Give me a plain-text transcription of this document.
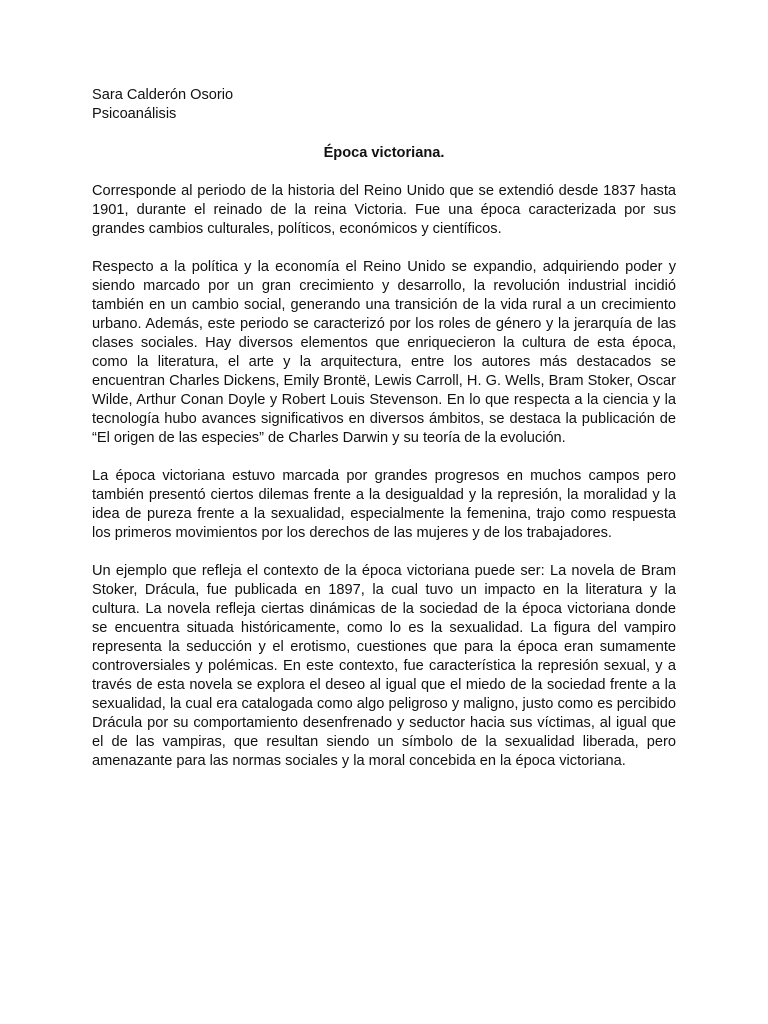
Sara Calderón Osorio
Psicoanálisis
Época victoriana.

Corresponde al periodo de la historia del Reino Unido que se extendió desde 1837 hasta 1901, durante el reinado de la reina Victoria. Fue una época caracterizada por sus grandes cambios culturales, políticos, económicos y científicos.

Respecto a la política y la economía el Reino Unido se expandio, adquiriendo poder y siendo marcado por un gran crecimiento y desarrollo, la revolución industrial incidió también en un cambio social, generando una transición de la vida rural a un crecimiento urbano. Además, este periodo se caracterizó por los roles de género y la jerarquía de las clases sociales. Hay diversos elementos que enriquecieron la cultura de esta época, como la literatura, el arte y la arquitectura, entre los autores más destacados se encuentran Charles Dickens, Emily Brontë, Lewis Carroll, H. G. Wells, Bram Stoker, Oscar Wilde, Arthur Conan Doyle y Robert Louis Stevenson. En lo que respecta a la ciencia y la tecnología hubo avances significativos en diversos ámbitos, se destaca la publicación de “El origen de las especies” de Charles Darwin y su teoría de la evolución.

La época victoriana estuvo marcada por grandes progresos en muchos campos pero también presentó ciertos dilemas frente a la desigualdad y la represión, la moralidad y la idea de pureza frente a la sexualidad, especialmente la femenina, trajo como respuesta los primeros movimientos por los derechos de las mujeres y de los trabajadores.

Un ejemplo que refleja el contexto de la época victoriana puede ser: La novela de Bram Stoker, Drácula, fue publicada en 1897, la cual tuvo un impacto en la literatura y la cultura. La novela refleja ciertas dinámicas de la sociedad de la época victoriana donde se encuentra situada históricamente, como lo es la sexualidad. La figura del vampiro representa la seducción y el erotismo, cuestiones que para la época eran sumamente controversiales y polémicas. En este contexto, fue característica la represión sexual, y a través de esta novela se explora el deseo al igual que el miedo de la sociedad frente a la sexualidad, la cual era catalogada como algo peligroso y maligno, justo como es percibido Drácula por su comportamiento desenfrenado y seductor hacia sus víctimas, al igual que el de las vampiras, que resultan siendo un símbolo de la sexualidad liberada, pero amenazante para las normas sociales y la moral concebida en la época victoriana.
